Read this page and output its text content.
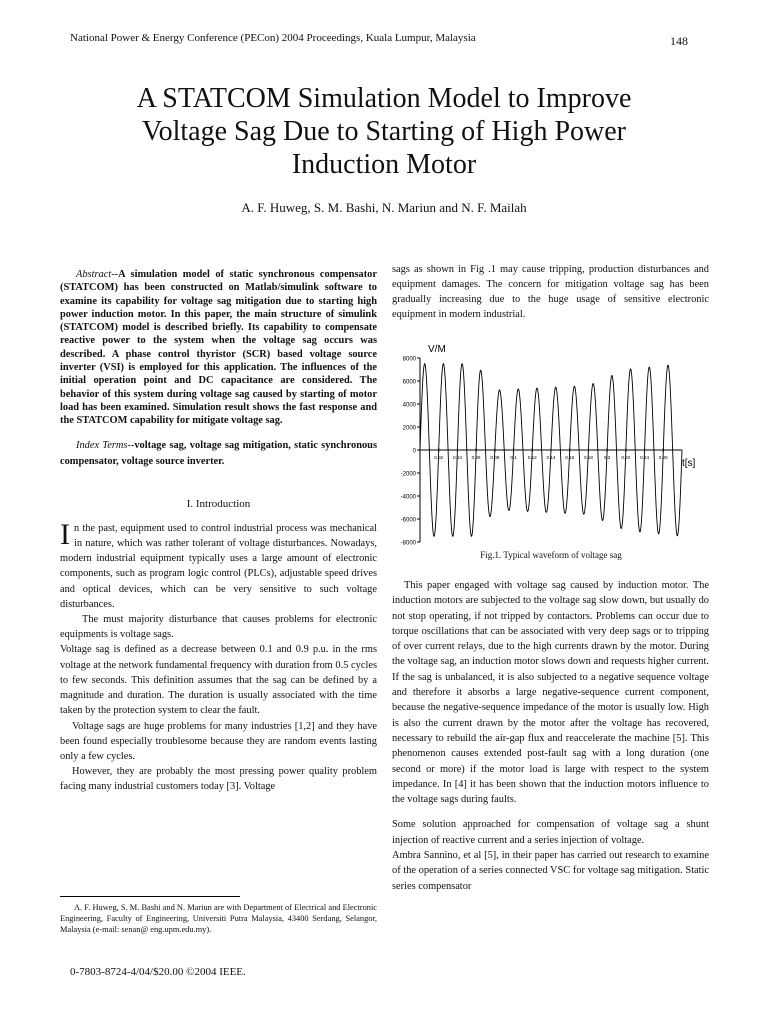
National Power & Energy Conference (PECon) 2004 Proceedings, Kuala Lumpur, Malaysia	148
A STATCOM Simulation Model to Improve
Voltage Sag Due to Starting of High Power
Induction Motor
A. F. Huweg, S. M. Bashi, N. Mariun and N. F. Mailah

Abstract--A simulation model of static synchronous compensator (STATCOM) has been constructed on Matlab/simulink software to examine its capability for voltage sag mitigation due to starting high power induction motor. In this paper, the main structure of simulink (STATCOM) model is described briefly. Its capability to compensate reactive power to the system when the voltage sag occurs was described. A phase control thyristor (SCR) based voltage source inverter (VSI) is employed for this application. The influences of the initial operation point and DC capacitance are considered. The behavior of this system during voltage sag caused by starting of motor load has been examined. Simulation result shows the fast response and the STATCOM capability for mitigate voltage sag.

Index Terms--voltage sag, voltage sag mitigation, static synchronous compensator, voltage source inverter.

I. Introduction

In the past, equipment used to control industrial process was mechanical in nature, which was rather tolerant of voltage disturbances. Nowadays, modern industrial equipment typically uses a large amount of electronic components, such as program logic control (PLCs), adjustable speed drives and optical devices, which can be very sensitive to such voltage disturbances.

The must majority disturbance that causes problems for electronic equipments is voltage sags.

Voltage sag is defined as a decrease between 0.1 and 0.9 p.u. in the rms voltage at the network fundamental frequency with duration from 0.5 cycles to few seconds. This definition assumes that the sag can be defined by a magnitude and duration. The duration is usually associated with the time taken by the protection system to clear the fault.

Voltage sags are huge problems for many industries [1,2] and they have been found especially troublesome because they are random events lasting only a few cycles.

However, they are probably the most pressing power quality problem facing many industrial customers today [3]. Voltage

A. F. Huweg, S. M. Bashi and N. Mariun are with Department of Electrical and Electronic Engineering, Faculty of Engineering, Universiti Putra Malaysia, 43400 Serdang, Selangor, Malaysia (e-mail: senan@ eng.upm.edu.my).
0-7803-8724-4/04/$20.00 ©2004 IEEE.
sags as shown in Fig .1 may cause tripping, production disturbances and equipment damages. The concern for mitigation voltage sag has been gradually increasing due to the huge usage of sensitive electronic equipment in modern industrial.
8000
6000
4000
2000
0
-2000
-4000
-6000
-8000
0.02 0.04 0.06 0.08 0.1 0.12 0.14 0.16 0.18 0.2 0.22 0.24 0.26
V/M
t[s]
Fig.1. Typical waveform of voltage sag

This paper engaged with voltage sag caused by induction motor. The induction motors are subjected to the voltage sag slow down, but usually do not stop operating, if not tripped by contactors. Problems can occur due to torque oscillations that can be associated with very deep sags or to tripping of over current relays, due to the high currents drawn by the motor. During the voltage sag, an induction motor slows down and requests higher current. If the sag is unbalanced, it is also subjected to a negative sequence voltage and therefore it absorbs a large negative-sequence current component, because the negative-sequence impedance of the motor is usually low. High is also the current drawn by the motor after the voltage has recovered, necessary to rebuild the air-gap flux and reaccelerate the machine [5]. This phenomenon causes extended post-fault sag with a long duration (one second or more) if the motor load is large with respect to the system impedance. In [4] it has been shown that the induction motors influence to the voltage sags during faults.

Some solution approached for compensation of voltage sag a shunt injection of reactive current and a series injection of voltage.

Ambra Sannino, et al [5], in their paper has carried out research to examine of the operation of a series connected VSC for voltage sag mitigation. Static series compensator
